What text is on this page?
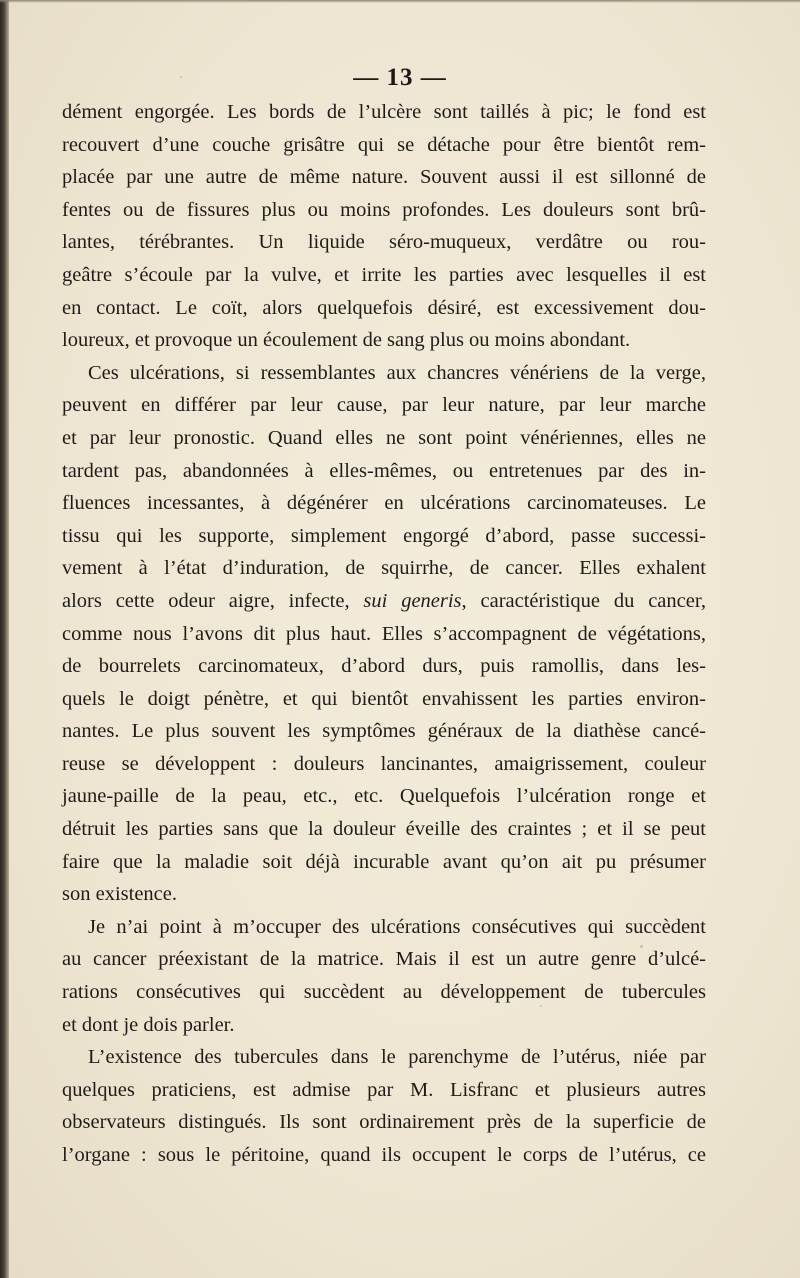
— 13 —
dément engorgée. Les bords de l’ulcère sont taillés à pic; le fond est
recouvert d’une couche grisâtre qui se détache pour être bientôt rem-
placée par une autre de même nature. Souvent aussi il est sillonné de
fentes ou de fissures plus ou moins profondes. Les douleurs sont brû-
lantes, térébrantes. Un liquide séro-muqueux, verdâtre ou rou-
geâtre s’écoule par la vulve, et irrite les parties avec lesquelles il est
en contact. Le coït, alors quelquefois désiré, est excessivement dou-
loureux, et provoque un écoulement de sang plus ou moins abondant.
Ces ulcérations, si ressemblantes aux chancres vénériens de la verge,
peuvent en différer par leur cause, par leur nature, par leur marche
et par leur pronostic. Quand elles ne sont point vénériennes, elles ne
tardent pas, abandonnées à elles-mêmes, ou entretenues par des in-
fluences incessantes, à dégénérer en ulcérations carcinomateuses. Le
tissu qui les supporte, simplement engorgé d’abord, passe successi-
vement à l’état d’induration, de squirrhe, de cancer. Elles exhalent
alors cette odeur aigre, infecte, sui generis, caractéristique du cancer,
comme nous l’avons dit plus haut. Elles s’accompagnent de végétations,
de bourrelets carcinomateux, d’abord durs, puis ramollis, dans les-
quels le doigt pénètre, et qui bientôt envahissent les parties environ-
nantes. Le plus souvent les symptômes généraux de la diathèse cancé-
reuse se développent : douleurs lancinantes, amaigrissement, couleur
jaune-paille de la peau, etc., etc. Quelquefois l’ulcération ronge et
détruit les parties sans que la douleur éveille des craintes ; et il se peut
faire que la maladie soit déjà incurable avant qu’on ait pu présumer
son existence.
Je n’ai point à m’occuper des ulcérations consécutives qui succèdent
au cancer préexistant de la matrice. Mais il est un autre genre d’ulcé-
rations consécutives qui succèdent au développement de tubercules
et dont je dois parler.
L’existence des tubercules dans le parenchyme de l’utérus, niée par
quelques praticiens, est admise par M. Lisfranc et plusieurs autres
observateurs distingués. Ils sont ordinairement près de la superficie de
l’organe : sous le péritoine, quand ils occupent le corps de l’utérus, ce
